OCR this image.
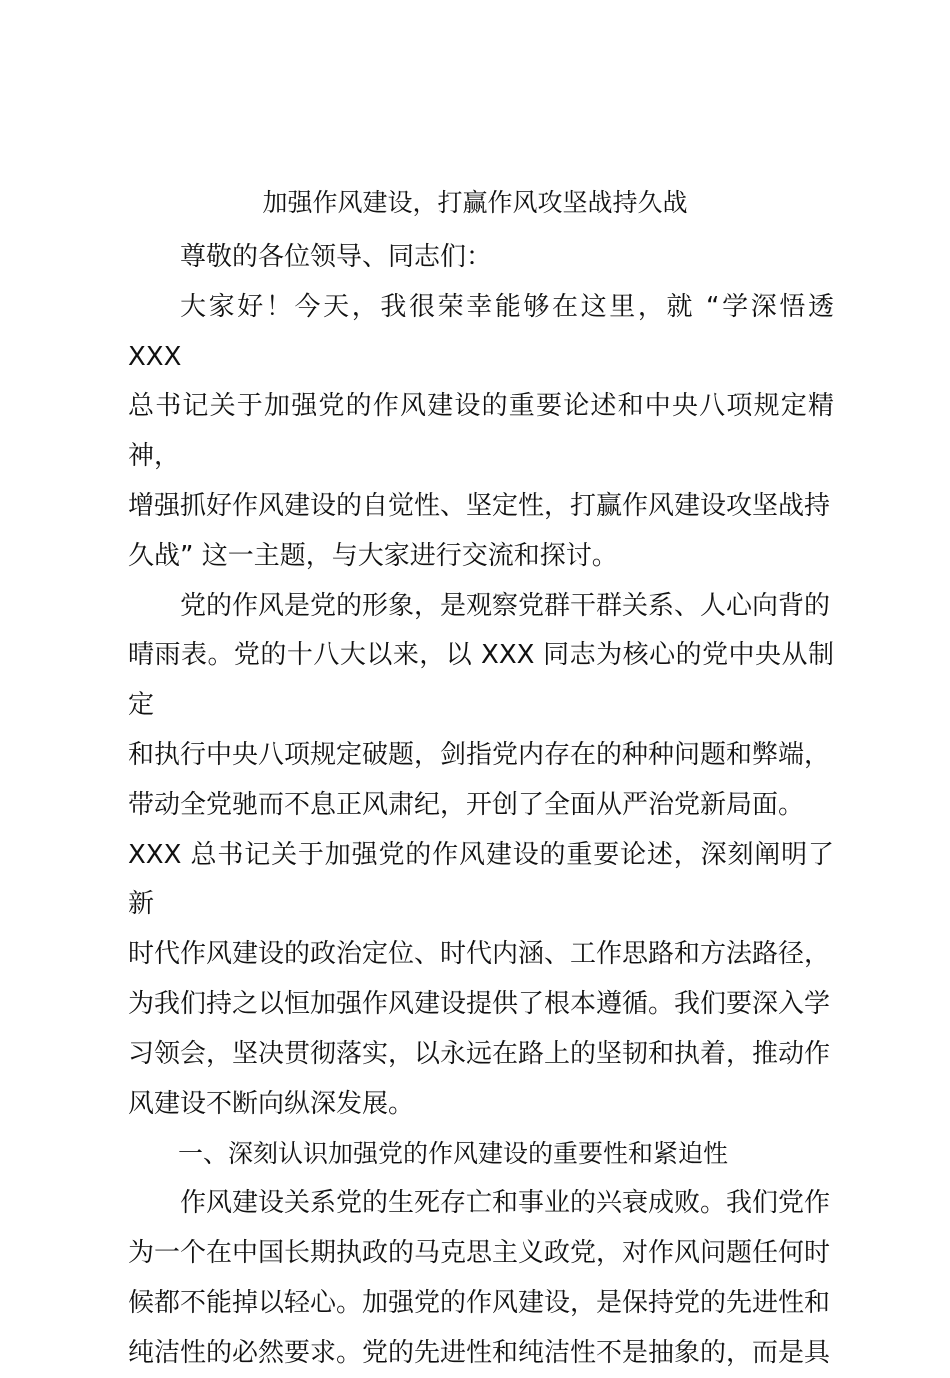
加强作风建设，打赢作风攻坚战持久战

尊敬的各位领导、同志们：

大家好！今天，我很荣幸能够在这里，就 “学深悟透 XXX
总书记关于加强党的作风建设的重要论述和中央八项规定精神，
增强抓好作风建设的自觉性、坚定性，打赢作风建设攻坚战持
久战” 这一主题，与大家进行交流和探讨。

党的作风是党的形象，是观察党群干群关系、人心向背的
晴雨表。党的十八大以来，以 XXX 同志为核心的党中央从制定
和执行中央八项规定破题，剑指党内存在的种种问题和弊端，
带动全党驰而不息正风肃纪，开创了全面从严治党新局面。
XXX 总书记关于加强党的作风建设的重要论述，深刻阐明了新
时代作风建设的政治定位、时代内涵、工作思路和方法路径，
为我们持之以恒加强作风建设提供了根本遵循。我们要深入学
习领会，坚决贯彻落实，以永远在路上的坚韧和执着，推动作
风建设不断向纵深发展。

一、深刻认识加强党的作风建设的重要性和紧迫性

作风建设关系党的生死存亡和事业的兴衰成败。我们党作
为一个在中国长期执政的马克思主义政党，对作风问题任何时
候都不能掉以轻心。加强党的作风建设，是保持党的先进性和
纯洁性的必然要求。党的先进性和纯洁性不是抽象的，而是具
